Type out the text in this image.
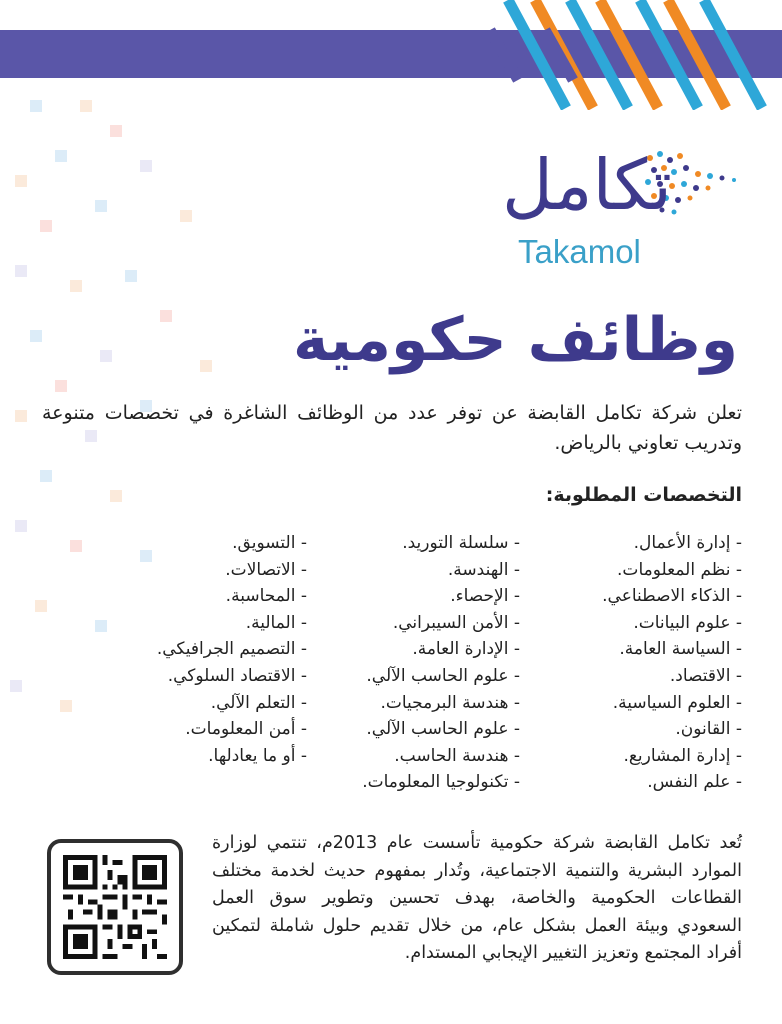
تكامل
Takamol
وظائف حكومية

تعلن شركة تكامل القابضة عن توفر عدد من الوظائف الشاغرة في تخصصات متنوعة وتدريب تعاوني بالرياض.

التخصصات المطلوبة:
- إدارة الأعمال.
- نظم المعلومات.
- الذكاء الاصطناعي.
- علوم البيانات.
- السياسة العامة.
- الاقتصاد.
- العلوم السياسية.
- القانون.
- إدارة المشاريع.
- علم النفس.
- سلسلة التوريد.
- الهندسة.
- الإحصاء.
- الأمن السيبراني.
- الإدارة العامة.
- علوم الحاسب الآلي.
- هندسة البرمجيات.
- علوم الحاسب الآلي.
- هندسة الحاسب.
- تكنولوجيا المعلومات.
- التسويق.
- الاتصالات.
- المحاسبة.
- المالية.
- التصميم الجرافيكي.
- الاقتصاد السلوكي.
- التعلم الآلي.
- أمن المعلومات.
- أو ما يعادلها.

تُعد تكامل القابضة شركة حكومية تأسست عام 2013م، تنتمي لوزارة الموارد البشرية والتنمية الاجتماعية، وتُدار بمفهوم حديث لخدمة مختلف القطاعات الحكومية والخاصة، بهدف تحسين وتطوير سوق العمل السعودي وبيئة العمل بشكل عام، من خلال تقديم حلول شاملة لتمكين أفراد المجتمع وتعزيز التغيير الإيجابي المستدام.
